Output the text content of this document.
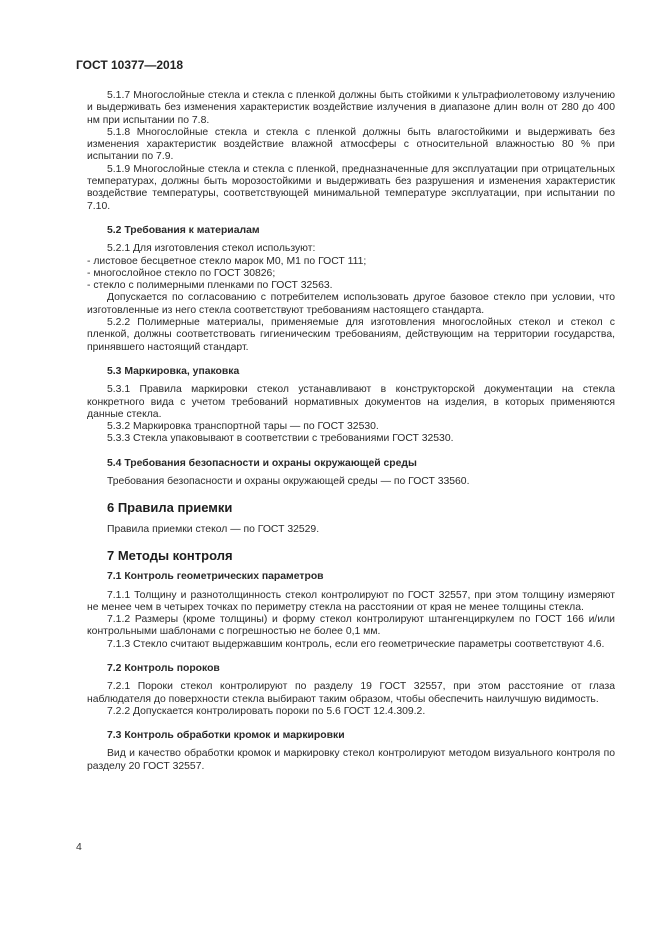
ГОСТ 10377—2018

5.1.7 Многослойные стекла и стекла с пленкой должны быть стойкими к ультрафиолетовому излучению и выдерживать без изменения характеристик воздействие излучения в диапазоне длин волн от 280 до 400 нм при испытании по 7.8.

5.1.8 Многослойные стекла и стекла с пленкой должны быть влагостойкими и выдерживать без изменения характеристик воздействие влажной атмосферы с относительной влажностью 80 % при испытании по 7.9.

5.1.9 Многослойные стекла и стекла с пленкой, предназначенные для эксплуатации при отрицательных температурах, должны быть морозостойкими и выдерживать без разрушения и изменения характеристик воздействие температуры, соответствующей минимальной температуре эксплуатации, при испытании по 7.10.

5.2 Требования к материалам

5.2.1 Для изготовления стекол используют:

- листовое бесцветное стекло марок М0, М1 по ГОСТ 111;

- многослойное стекло по ГОСТ 30826;

- стекло с полимерными пленками по ГОСТ 32563.

Допускается по согласованию с потребителем использовать другое базовое стекло при условии, что изготовленные из него стекла соответствуют требованиям настоящего стандарта.

5.2.2 Полимерные материалы, применяемые для изготовления многослойных стекол и стекол с пленкой, должны соответствовать гигиеническим требованиям, действующим на территории государства, принявшего настоящий стандарт.

5.3 Маркировка, упаковка

5.3.1 Правила маркировки стекол устанавливают в конструкторской документации на стекла конкретного вида с учетом требований нормативных документов на изделия, в которых применяются данные стекла.

5.3.2 Маркировка транспортной тары — по ГОСТ 32530.

5.3.3 Стекла упаковывают в соответствии с требованиями ГОСТ 32530.

5.4 Требования безопасности и охраны окружающей среды

Требования безопасности и охраны окружающей среды — по ГОСТ 33560.

6 Правила приемки

Правила приемки стекол — по ГОСТ 32529.

7 Методы контроля
7.1 Контроль геометрических параметров

7.1.1 Толщину и разнотолщинность стекол контролируют по ГОСТ 32557, при этом толщину измеряют не менее чем в четырех точках по периметру стекла на расстоянии от края не менее толщины стекла.

7.1.2 Размеры (кроме толщины) и форму стекол контролируют штангенциркулем по ГОСТ 166 и/или контрольными шаблонами с погрешностью не более 0,1 мм.

7.1.3 Стекло считают выдержавшим контроль, если его геометрические параметры соответствуют 4.6.

7.2 Контроль пороков

7.2.1 Пороки стекол контролируют по разделу 19 ГОСТ 32557, при этом расстояние от глаза наблюдателя до поверхности стекла выбирают таким образом, чтобы обеспечить наилучшую видимость.

7.2.2 Допускается контролировать пороки по 5.6 ГОСТ 12.4.309.2.

7.3 Контроль обработки кромок и маркировки

Вид и качество обработки кромок и маркировку стекол контролируют методом визуального контроля по разделу 20 ГОСТ 32557.

4
